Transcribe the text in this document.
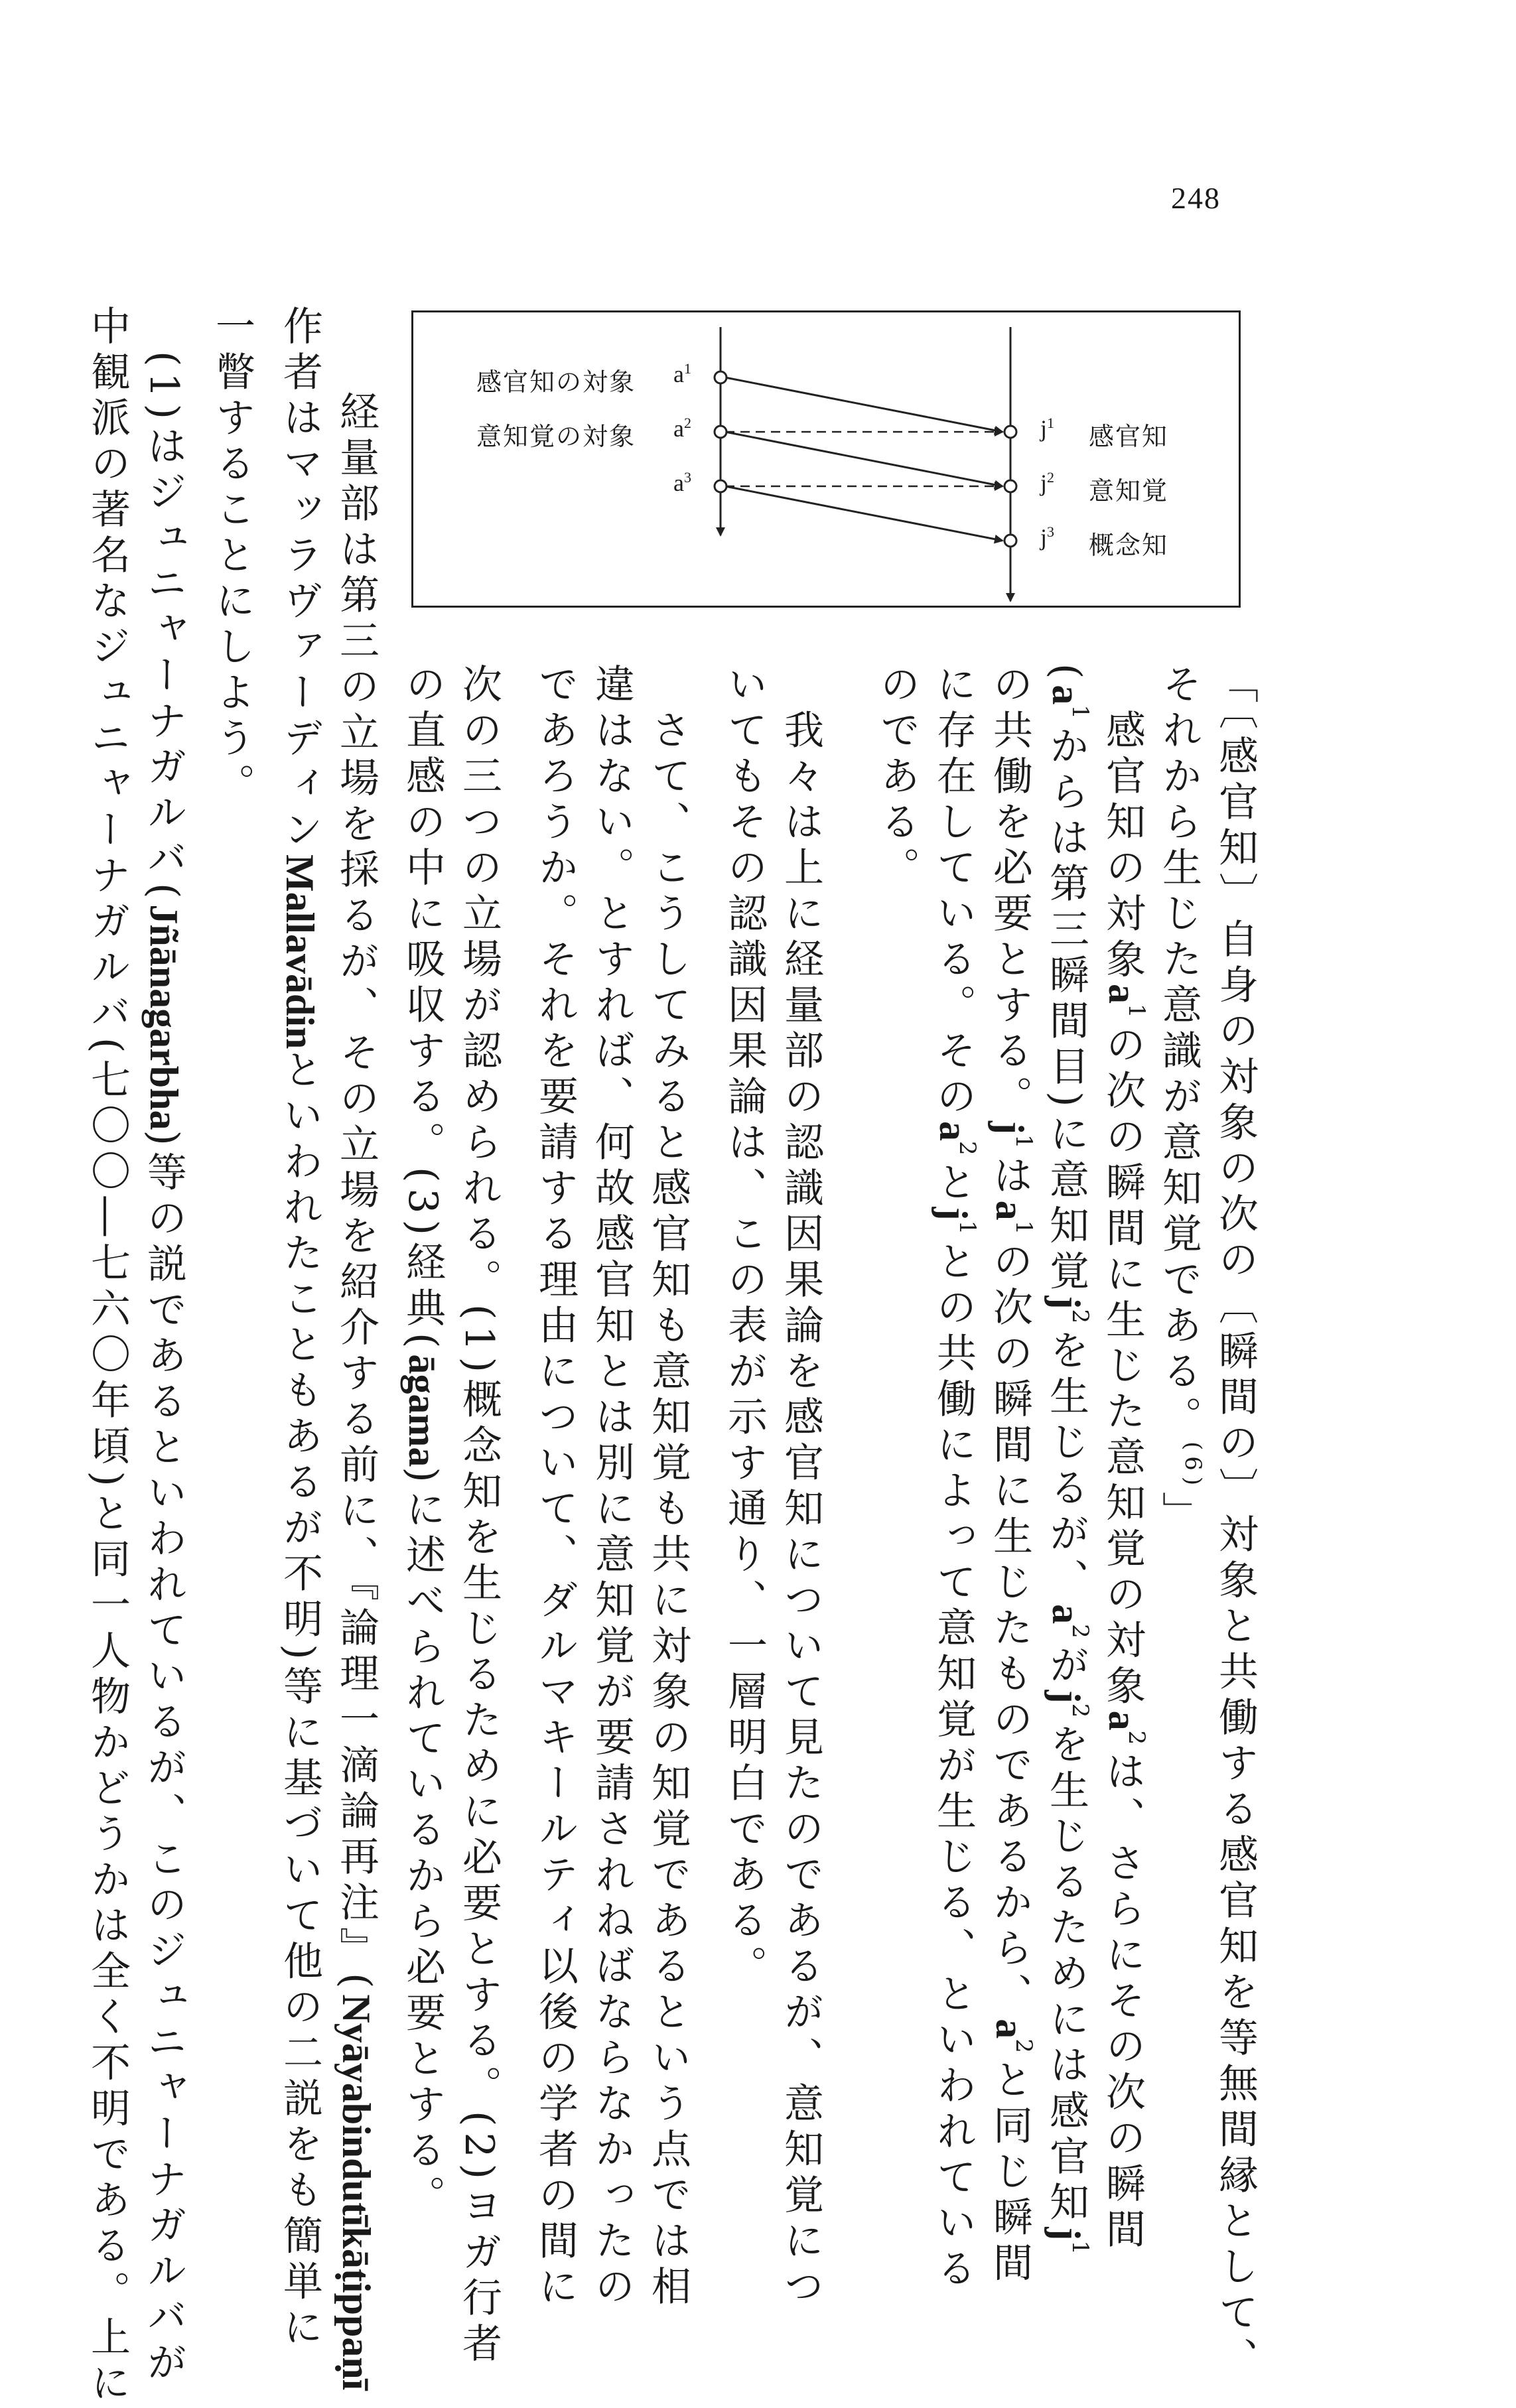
248
感官知の対象
意知覚の対象
$a^1$
$a^2$
$a^3$
$j^1$
$j^2$
$j^3$
感官知
意知覚
概念知
「〔感官知〕自身の対象の次の〔瞬間の〕対象と共働する感官知を等無間縁として、
それから生じた意識が意知覚である。$^{(6)}$」
　感官知の対象$a^1$の次の瞬間に生じた意知覚の対象$a^2$は、さらにその次の瞬間
($a^1$からは第三瞬間目)に意知覚$j^2$を生じるが、$a^2$が$j^2$を生じるためには感官知$j^1$
の共働を必要とする。$j^1$は$a^1$の次の瞬間に生じたものであるから、$a^2$と同じ瞬間
に存在している。その$a^2$と$j^1$との共働によって意知覚が生じる、といわれている
のである。
　我々は上に経量部の認識因果論を感官知について見たのであるが、意知覚につ
いてもその認識因果論は、この表が示す通り、一層明白である。
　さて、こうしてみると感官知も意知覚も共に対象の知覚であるという点では相
違はない。とすれば、何故感官知とは別に意知覚が要請されねばならなかったの
であろうか。それを要請する理由について、ダルマキールティ以後の学者の間に
次の三つの立場が認められる。(1)概念知を生じるために必要とする。(2)ヨガ行者
の直感の中に吸収する。(3)経典(āgama)に述べられているから必要とする。
　経量部は第三の立場を採るが、その立場を紹介する前に、『論理一滴論再注』(Nyāyabindutīkāṭippaṇī
作者はマッラヴァーディンMallavādinといわれたこともあるが不明)等に基づいて他の二説をも簡単に
一瞥することにしよう。
　(1)はジュニャーナガルバ(Jñānagarbha)等の説であるといわれているが、このジュニャーナガルバが
中観派の著名なジュニャーナガルバ(七〇〇―七六〇年頃)と同一人物かどうかは全く不明である。上に
